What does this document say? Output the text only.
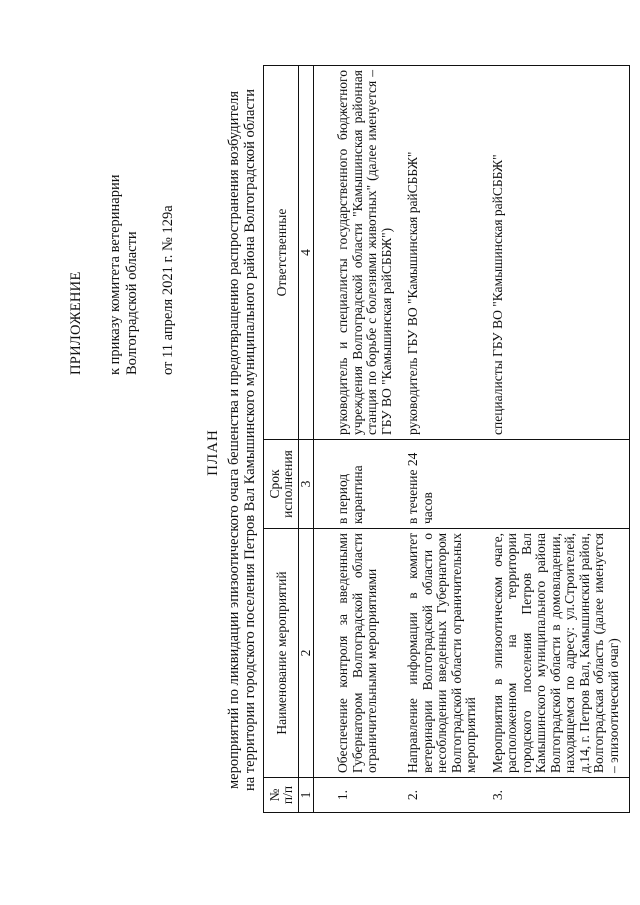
ПРИЛОЖЕНИЕ к приказу комитета ветеринарии Волгоградской области от 11 апреля 2021 г. № 129а
ПЛАН мероприятий по ликвидации эпизоотического очага бешенства и предотвращению распространения возбудителя на территории городского поселения Петров Вал Камышинского муниципального района Волгоградской области
№ п/п	Наименование мероприятий	Срок исполнения	Ответственные
1	2	3	4
1.	Обеспечение контроля за введенными Губернатором Волгоградской области ограничительными мероприятиями	в период карантина	руководитель и специалисты государственного бюджетного учреждения Волгоградской области "Камышинская районная станция по борьбе с болезнями животных" (далее именуется – ГБУ ВО "Камышинская райСББЖ")
2.	Направление информации в комитет ветеринарии Волгоградской области о несоблюдении введенных Губернатором Волгоградской области ограничительных мероприятий	в течение 24 часов	руководитель ГБУ ВО "Камышинская райСББЖ"
3.	Мероприятия в эпизоотическом очаге, расположенном на территории городского поселения Петров Вал Камышинского муниципального района Волгоградской области в домовладении, находящемся по адресу: ул.Строителей, д.14, г. Петров Вал, Камышинский район, Волгоградская область (далее именуется – эпизоотический очаг)		специалисты ГБУ ВО "Камышинская райСББЖ"
